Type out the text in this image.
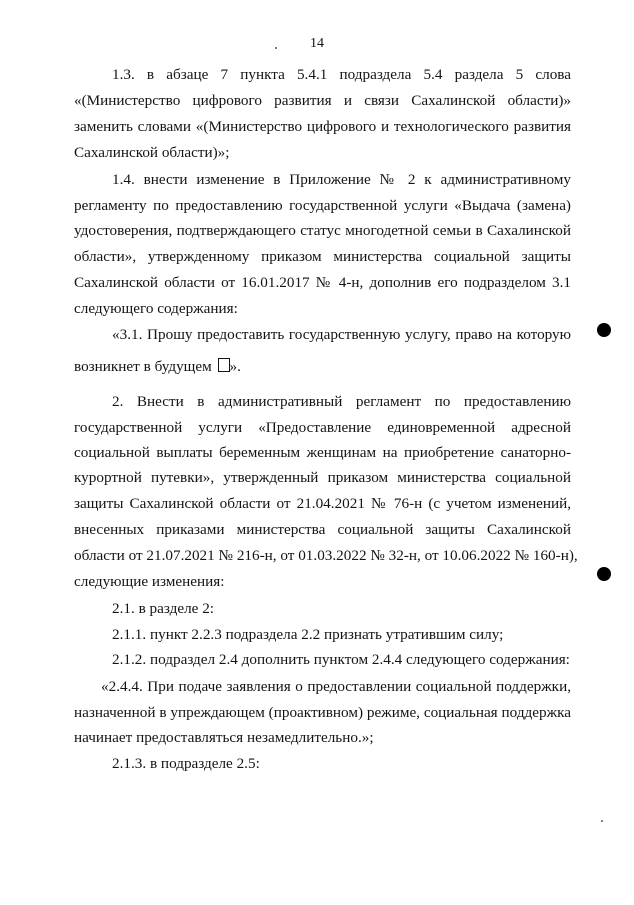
14
1.3. в абзаце 7 пункта 5.4.1 подраздела 5.4 раздела 5 слова
«(Министерство цифрового развития и связи Сахалинской области)»
заменить словами «(Министерство цифрового и технологического развития
Сахалинской области)»;
1.4. внести изменение в Приложение № 2 к административному
регламенту по предоставлению государственной услуги «Выдача (замена)
удостоверения, подтверждающего статус многодетной семьи в Сахалинской
области», утвержденному приказом министерства социальной защиты
Сахалинской области от 16.01.2017 № 4-н, дополнив его подразделом 3.1
следующего содержания:
«3.1. Прошу предоставить государственную услугу, право на которую
возникнет в будущем ».
2. Внести в административный регламент по предоставлению
государственной услуги «Предоставление единовременной адресной
социальной выплаты беременным женщинам на приобретение санаторно-
курортной путевки», утвержденный приказом министерства социальной
защиты Сахалинской области от 21.04.2021 № 76-н (с учетом изменений,
внесенных приказами министерства социальной защиты Сахалинской
области от 21.07.2021 № 216-н, от 01.03.2022 № 32-н, от 10.06.2022 № 160-н),
следующие изменения:
2.1. в разделе 2:
2.1.1. пункт 2.2.3 подраздела 2.2 признать утратившим силу;
2.1.2. подраздел 2.4 дополнить пунктом 2.4.4 следующего содержания:
«2.4.4. При подаче заявления о предоставлении социальной поддержки,
назначенной в упреждающем (проактивном) режиме, социальная поддержка
начинает предоставляться незамедлительно.»;
2.1.3. в подразделе 2.5:
